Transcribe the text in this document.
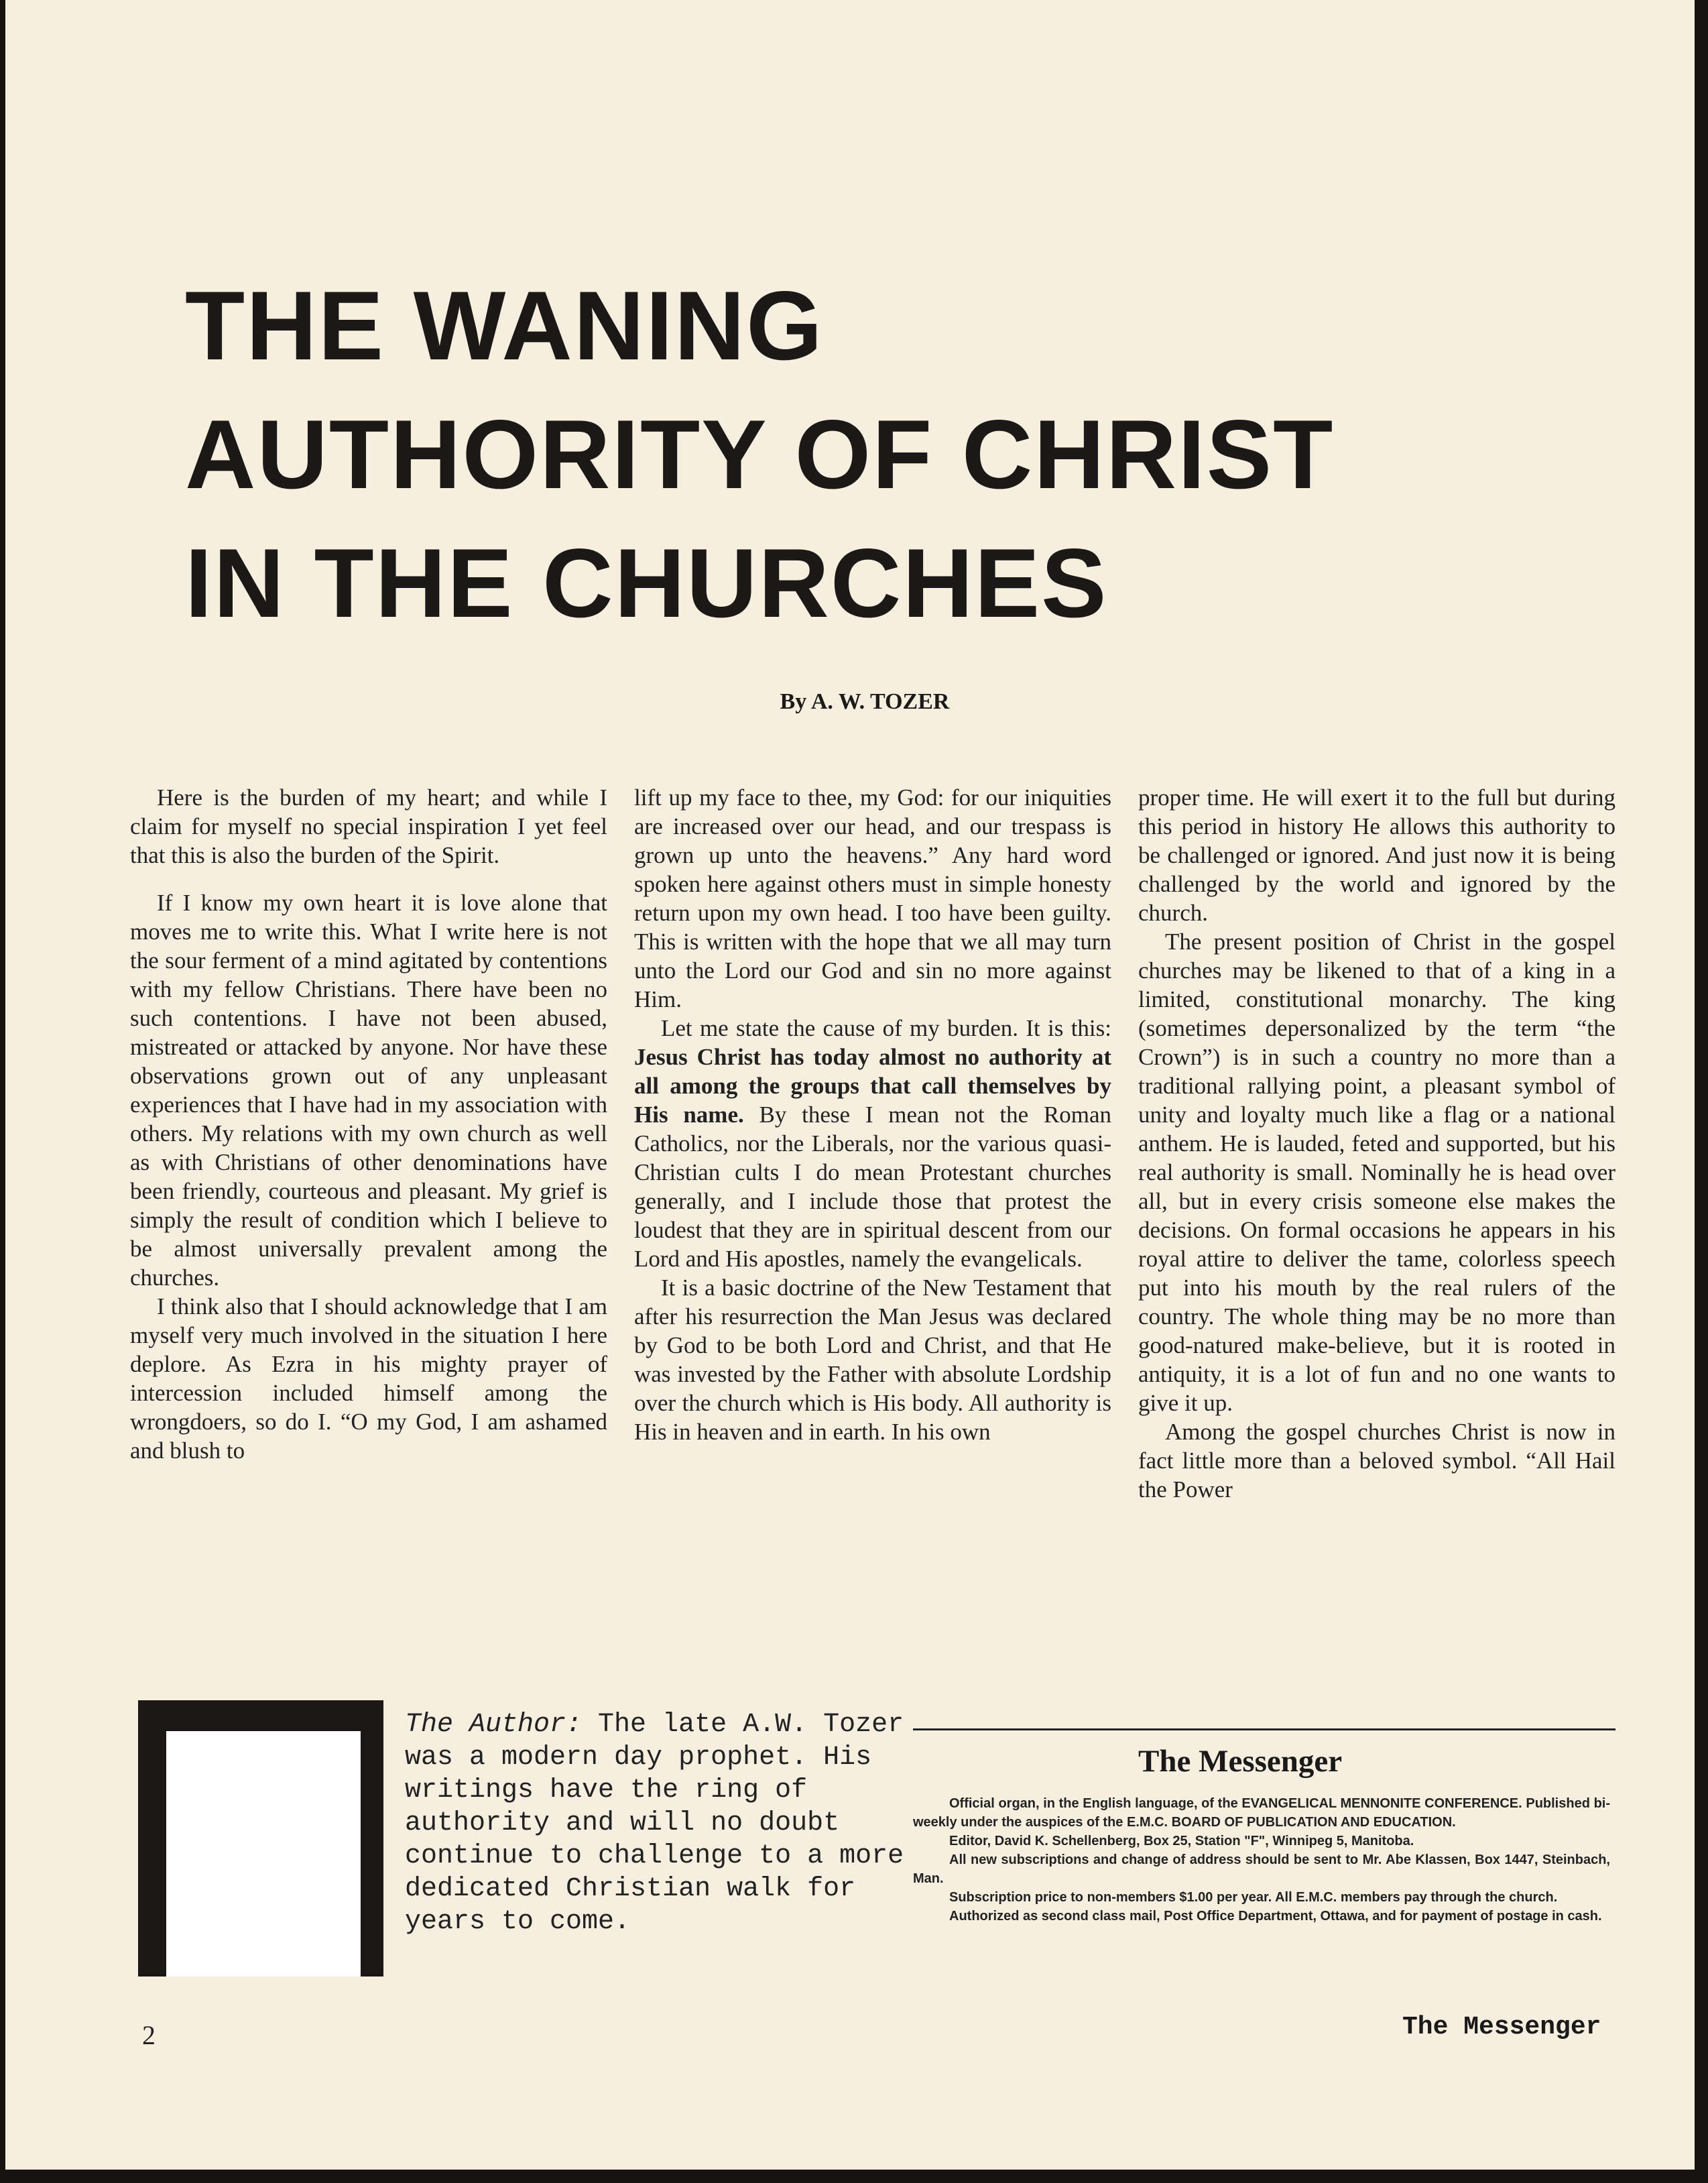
THE WANING
AUTHORITY OF CHRIST
IN THE CHURCHES
By A. W. TOZER

Here is the burden of my heart; and while I claim for myself no special inspiration I yet feel that this is also the burden of the Spirit.

If I know my own heart it is love alone that moves me to write this. What I write here is not the sour ferment of a mind agitated by contentions with my fellow Christians. There have been no such contentions. I have not been abused, mistreated or attacked by anyone. Nor have these observations grown out of any unpleasant experiences that I have had in my association with others. My relations with my own church as well as with Christians of other denominations have been friendly, courteous and pleasant. My grief is simply the result of condition which I believe to be almost universally prevalent among the churches.

I think also that I should acknowledge that I am myself very much involved in the situation I here deplore. As Ezra in his mighty prayer of intercession included himself among the wrongdoers, so do I. “O my God, I am ashamed and blush to

lift up my face to thee, my God: for our iniquities are increased over our head, and our trespass is grown up unto the heavens.” Any hard word spoken here against others must in simple honesty return upon my own head. I too have been guilty. This is written with the hope that we all may turn unto the Lord our God and sin no more against Him.

Let me state the cause of my burden. It is this: Jesus Christ has today almost no authority at all among the groups that call themselves by His name. By these I mean not the Roman Catholics, nor the Liberals, nor the various quasi-Christian cults I do mean Protestant churches generally, and I include those that protest the loudest that they are in spiritual descent from our Lord and His apostles, namely the evangelicals.

It is a basic doctrine of the New Testament that after his resurrection the Man Jesus was declared by God to be both Lord and Christ, and that He was invested by the Father with absolute Lordship over the church which is His body. All authority is His in heaven and in earth. In his own

proper time. He will exert it to the full but during this period in history He allows this authority to be challenged or ignored. And just now it is being challenged by the world and ignored by the church.

The present position of Christ in the gospel churches may be likened to that of a king in a limited, constitutional monarchy. The king (sometimes depersonalized by the term “the Crown”) is in such a country no more than a traditional rallying point, a pleasant symbol of unity and loyalty much like a flag or a national anthem. He is lauded, feted and supported, but his real authority is small. Nominally he is head over all, but in every crisis someone else makes the decisions. On formal occasions he appears in his royal attire to deliver the tame, colorless speech put into his mouth by the real rulers of the country. The whole thing may be no more than good-natured make-believe, but it is rooted in antiquity, it is a lot of fun and no one wants to give it up.

Among the gospel churches Christ is now in fact little more than a beloved symbol. “All Hail the Power

The Author: The late A.W. Tozer was a modern day prophet. His writings have the ring of authority and will no doubt continue to challenge to a more dedicated Christian walk for years to come.
The Messenger

Official organ, in the English language, of the EVANGELICAL MENNONITE CONFERENCE. Published bi-weekly under the auspices of the E.M.C. BOARD OF PUBLICATION AND EDUCATION.

Editor, David K. Schellenberg, Box 25, Station "F", Winnipeg 5, Manitoba.

All new subscriptions and change of address should be sent to Mr. Abe Klassen, Box 1447, Steinbach, Man.

Subscription price to non-members $1.00 per year. All E.M.C. members pay through the church.

Authorized as second class mail, Post Office Department, Ottawa, and for payment of postage in cash.

2	The Messenger
